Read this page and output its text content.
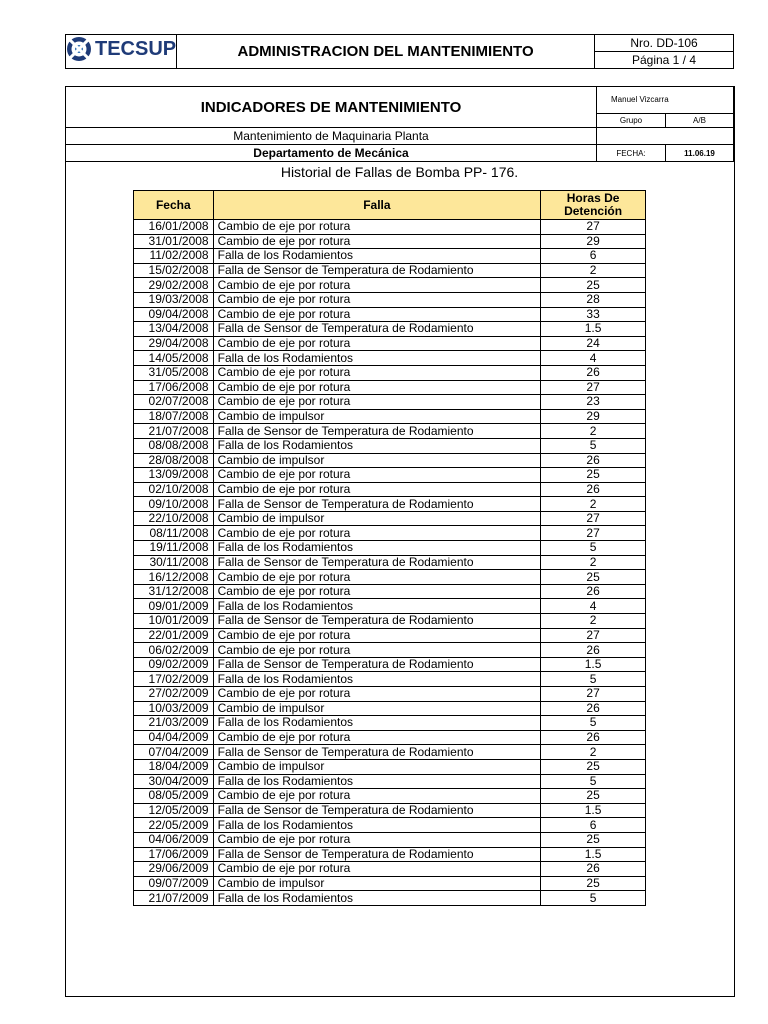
TECSUP	ADMINISTRACION DEL MANTENIMIENTO	Nro. DD-106
Página 1 / 4
INDICADORES DE MANTENIMIENTO	Manuel Vizcarra	
	Grupo	A/B
Mantenimiento de Maquinaria Planta		
Departamento de Mecánica	FECHA:	11.06.19
Historial de Fallas de Bomba PP- 176.
Fecha	Falla	Horas De Detención
16/01/2008	Cambio de eje por rotura	27
31/01/2008	Cambio de eje por rotura	29
11/02/2008	Falla de los Rodamientos	6
15/02/2008	Falla de Sensor de Temperatura de Rodamiento	2
29/02/2008	Cambio de eje por rotura	25
19/03/2008	Cambio de eje por rotura	28
09/04/2008	Cambio de eje por rotura	33
13/04/2008	Falla de Sensor de Temperatura de Rodamiento	1.5
29/04/2008	Cambio de eje por rotura	24
14/05/2008	Falla de los Rodamientos	4
31/05/2008	Cambio de eje por rotura	26
17/06/2008	Cambio de eje por rotura	27
02/07/2008	Cambio de eje por rotura	23
18/07/2008	Cambio de impulsor	29
21/07/2008	Falla de Sensor de Temperatura de Rodamiento	2
08/08/2008	Falla de los Rodamientos	5
28/08/2008	Cambio de impulsor	26
13/09/2008	Cambio de eje por rotura	25
02/10/2008	Cambio de eje por rotura	26
09/10/2008	Falla de Sensor de Temperatura de Rodamiento	2
22/10/2008	Cambio de impulsor	27
08/11/2008	Cambio de eje por rotura	27
19/11/2008	Falla de los Rodamientos	5
30/11/2008	Falla de Sensor de Temperatura de Rodamiento	2
16/12/2008	Cambio de eje por rotura	25
31/12/2008	Cambio de eje por rotura	26
09/01/2009	Falla de los Rodamientos	4
10/01/2009	Falla de Sensor de Temperatura de Rodamiento	2
22/01/2009	Cambio de eje por rotura	27
06/02/2009	Cambio de eje por rotura	26
09/02/2009	Falla de Sensor de Temperatura de Rodamiento	1.5
17/02/2009	Falla de los Rodamientos	5
27/02/2009	Cambio de eje por rotura	27
10/03/2009	Cambio de impulsor	26
21/03/2009	Falla de los Rodamientos	5
04/04/2009	Cambio de eje por rotura	26
07/04/2009	Falla de Sensor de Temperatura de Rodamiento	2
18/04/2009	Cambio de impulsor	25
30/04/2009	Falla de los Rodamientos	5
08/05/2009	Cambio de eje por rotura	25
12/05/2009	Falla de Sensor de Temperatura de Rodamiento	1.5
22/05/2009	Falla de los Rodamientos	6
04/06/2009	Cambio de eje por rotura	25
17/06/2009	Falla de Sensor de Temperatura de Rodamiento	1.5
29/06/2009	Cambio de eje por rotura	26
09/07/2009	Cambio de impulsor	25
21/07/2009	Falla de los Rodamientos	5
